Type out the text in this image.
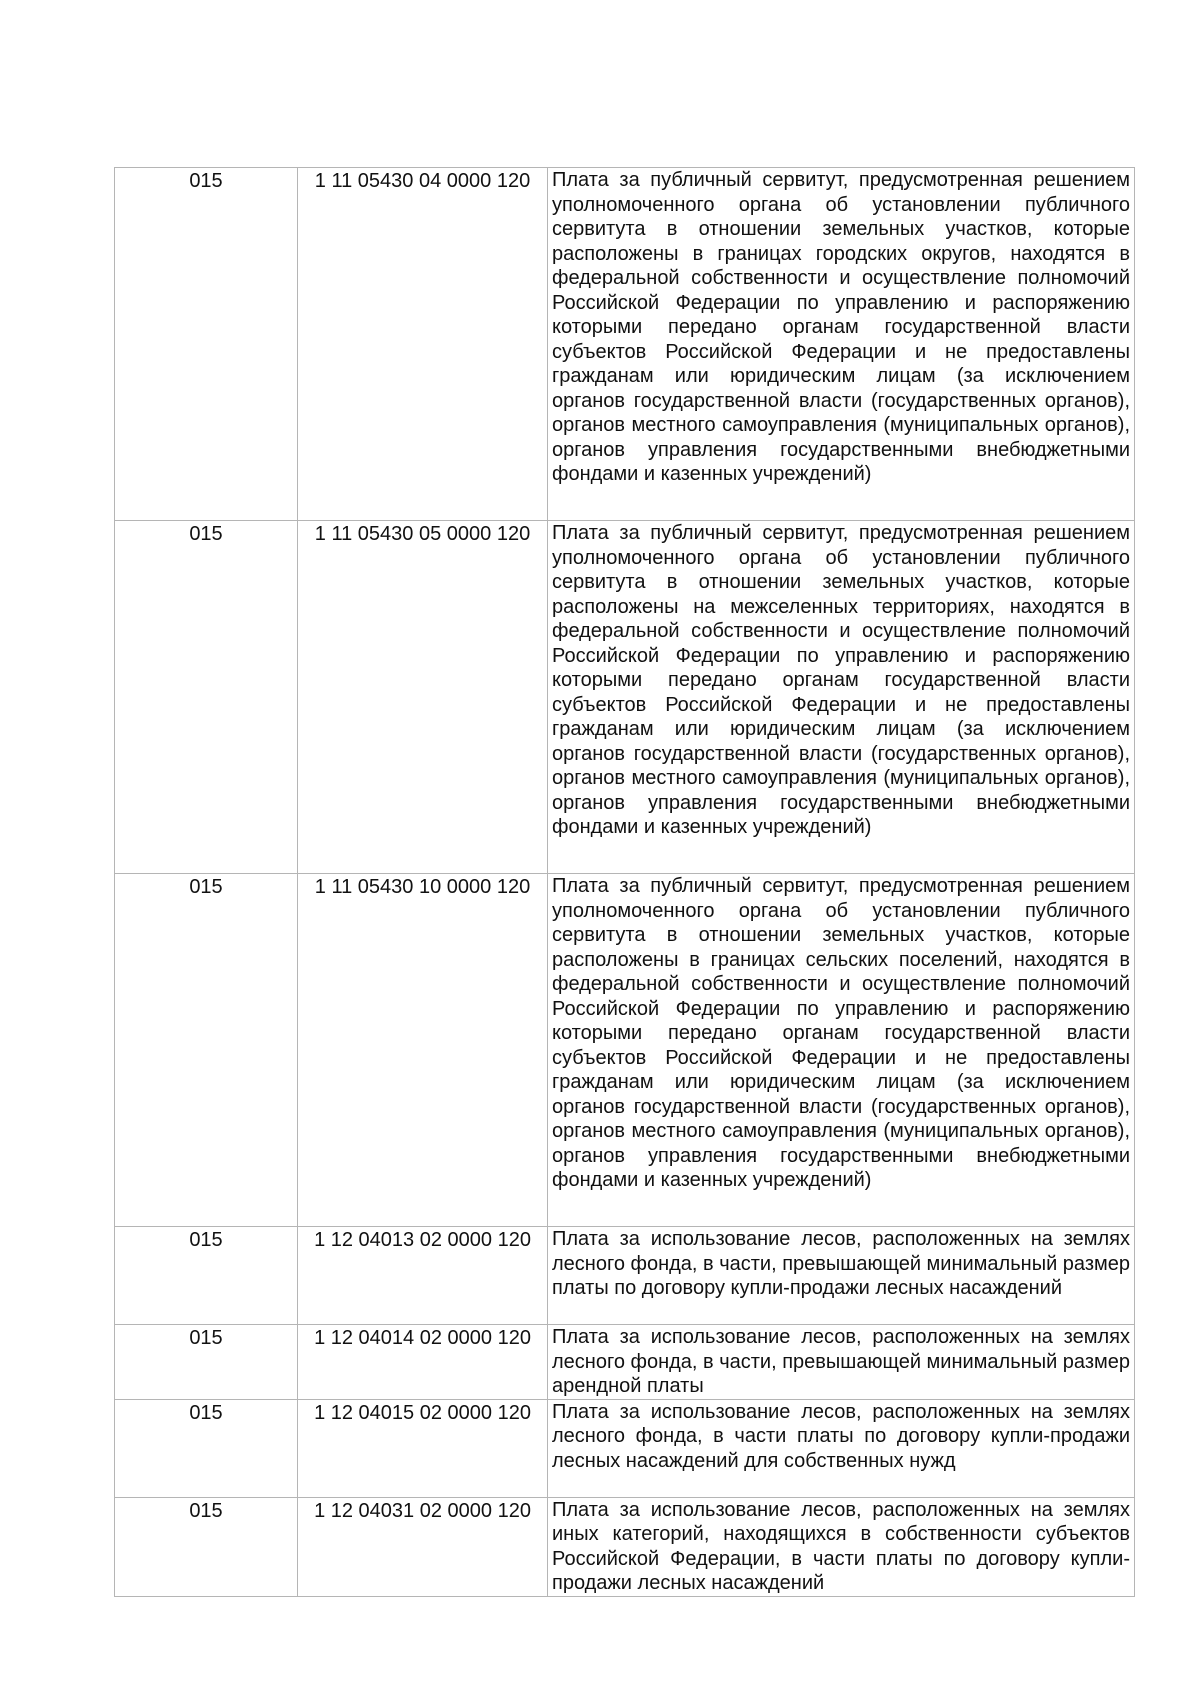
015	1 11 05430 04 0000 120	Плата за публичный сервитут, предусмотренная решением уполномоченного органа об установлении публичного сервитута в отношении земельных участков, которые расположены в границах городских округов, находятся в федеральной собственности и осуществление полномочий Российской Федерации по управлению и распоряжению которыми передано органам государственной власти субъектов Российской Федерации и не предоставлены гражданам или юридическим лицам (за исключением органов государственной власти (государственных органов), органов местного самоуправления (муниципальных органов), органов управления государственными внебюджетными фондами и казенных учреждений)

015	1 11 05430 05 0000 120	Плата за публичный сервитут, предусмотренная решением уполномоченного органа об установлении публичного сервитута в отношении земельных участков, которые расположены на межселенных территориях, находятся в федеральной собственности и осуществление полномочий Российской Федерации по управлению и распоряжению которыми передано органам государственной власти субъектов Российской Федерации и не предоставлены гражданам или юридическим лицам (за исключением органов государственной власти (государственных органов), органов местного самоуправления (муниципальных органов), органов управления государственными внебюджетными фондами и казенных учреждений)

015	1 11 05430 10 0000 120	Плата за публичный сервитут, предусмотренная решением уполномоченного органа об установлении публичного сервитута в отношении земельных участков, которые расположены в границах сельских поселений, находятся в федеральной собственности и осуществление полномочий Российской Федерации по управлению и распоряжению которыми передано органам государственной власти субъектов Российской Федерации и не предоставлены гражданам или юридическим лицам (за исключением органов государственной власти (государственных органов), органов местного самоуправления (муниципальных органов), органов управления государственными внебюджетными фондами и казенных учреждений)

015	1 12 04013 02 0000 120	Плата за использование лесов, расположенных на землях лесного фонда, в части, превышающей минимальный размер платы по договору купли-продажи лесных насаждений

015	1 12 04014 02 0000 120	Плата за использование лесов, расположенных на землях лесного фонда, в части, превышающей минимальный размер арендной платы

015	1 12 04015 02 0000 120	Плата за использование лесов, расположенных на землях лесного фонда, в части платы по договору купли-продажи лесных насаждений для собственных нужд

015	1 12 04031 02 0000 120	Плата за использование лесов, расположенных на землях иных категорий, находящихся в собственности субъектов Российской Федерации, в части платы по договору купли-продажи лесных насаждений
